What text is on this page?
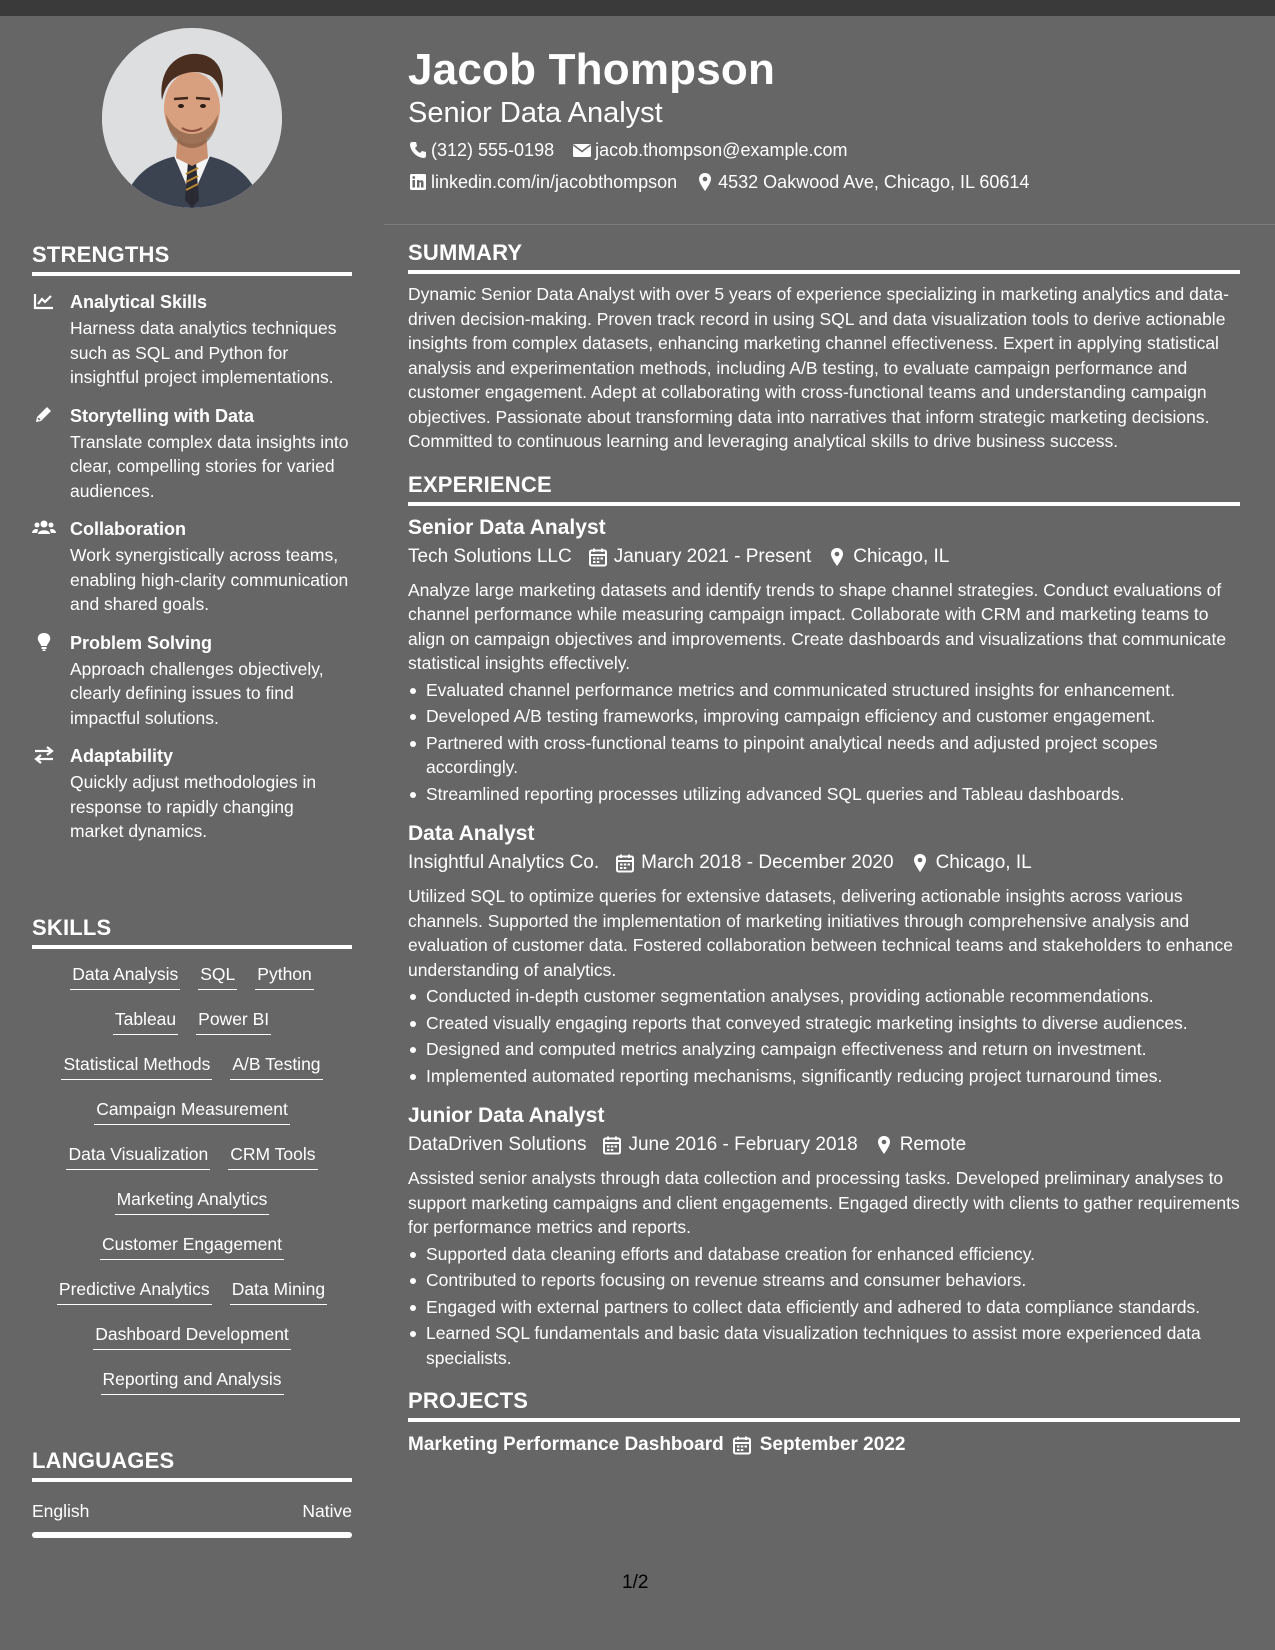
STRENGTHS
Analytical Skills
Harness data analytics techniques such as SQL and Python for insightful project implementations.
Storytelling with Data
Translate complex data insights into clear, compelling stories for varied audiences.
Collaboration
Work synergistically across teams, enabling high-clarity communication and shared goals.
Problem Solving
Approach challenges objectively, clearly defining issues to find impactful solutions.
Adaptability
Quickly adjust methodologies in response to rapidly changing market dynamics.
SKILLS
Data Analysis SQL Python
Tableau Power BI
Statistical Methods A/B Testing
Campaign Measurement
Data Visualization CRM Tools
Marketing Analytics
Customer Engagement
Predictive Analytics Data Mining
Dashboard Development
Reporting and Analysis
LANGUAGES
English	Native
Jacob Thompson
Senior Data Analyst
(312) 555-0198 jacob.thompson@example.com
linkedin.com/in/jacobthompson 4532 Oakwood Ave, Chicago, IL 60614
SUMMARY
Dynamic Senior Data Analyst with over 5 years of experience specializing in marketing analytics and data-driven decision-making. Proven track record in using SQL and data visualization tools to derive actionable insights from complex datasets, enhancing marketing channel effectiveness. Expert in applying statistical analysis and experimentation methods, including A/B testing, to evaluate campaign performance and customer engagement. Adept at collaborating with cross-functional teams and understanding campaign objectives. Passionate about transforming data into narratives that inform strategic marketing decisions. Committed to continuous learning and leveraging analytical skills to drive business success.
EXPERIENCE
Senior Data Analyst
Tech Solutions LLC January 2021 - Present Chicago, IL
Analyze large marketing datasets and identify trends to shape channel strategies. Conduct evaluations of channel performance while measuring campaign impact. Collaborate with CRM and marketing teams to align on campaign objectives and improvements. Create dashboards and visualizations that communicate statistical insights effectively.
Evaluated channel performance metrics and communicated structured insights for enhancement.
Developed A/B testing frameworks, improving campaign efficiency and customer engagement.
Partnered with cross-functional teams to pinpoint analytical needs and adjusted project scopes accordingly.
Streamlined reporting processes utilizing advanced SQL queries and Tableau dashboards.
Data Analyst
Insightful Analytics Co. March 2018 - December 2020 Chicago, IL
Utilized SQL to optimize queries for extensive datasets, delivering actionable insights across various channels. Supported the implementation of marketing initiatives through comprehensive analysis and evaluation of customer data. Fostered collaboration between technical teams and stakeholders to enhance understanding of analytics.
Conducted in-depth customer segmentation analyses, providing actionable recommendations.
Created visually engaging reports that conveyed strategic marketing insights to diverse audiences.
Designed and computed metrics analyzing campaign effectiveness and return on investment.
Implemented automated reporting mechanisms, significantly reducing project turnaround times.
Junior Data Analyst
DataDriven Solutions June 2016 - February 2018 Remote
Assisted senior analysts through data collection and processing tasks. Developed preliminary analyses to support marketing campaigns and client engagements. Engaged directly with clients to gather requirements for performance metrics and reports.
Supported data cleaning efforts and database creation for enhanced efficiency.
Contributed to reports focusing on revenue streams and consumer behaviors.
Engaged with external partners to collect data efficiently and adhered to data compliance standards.
Learned SQL fundamentals and basic data visualization techniques to assist more experienced data specialists.
PROJECTS
Marketing Performance Dashboard September 2022
1/2
